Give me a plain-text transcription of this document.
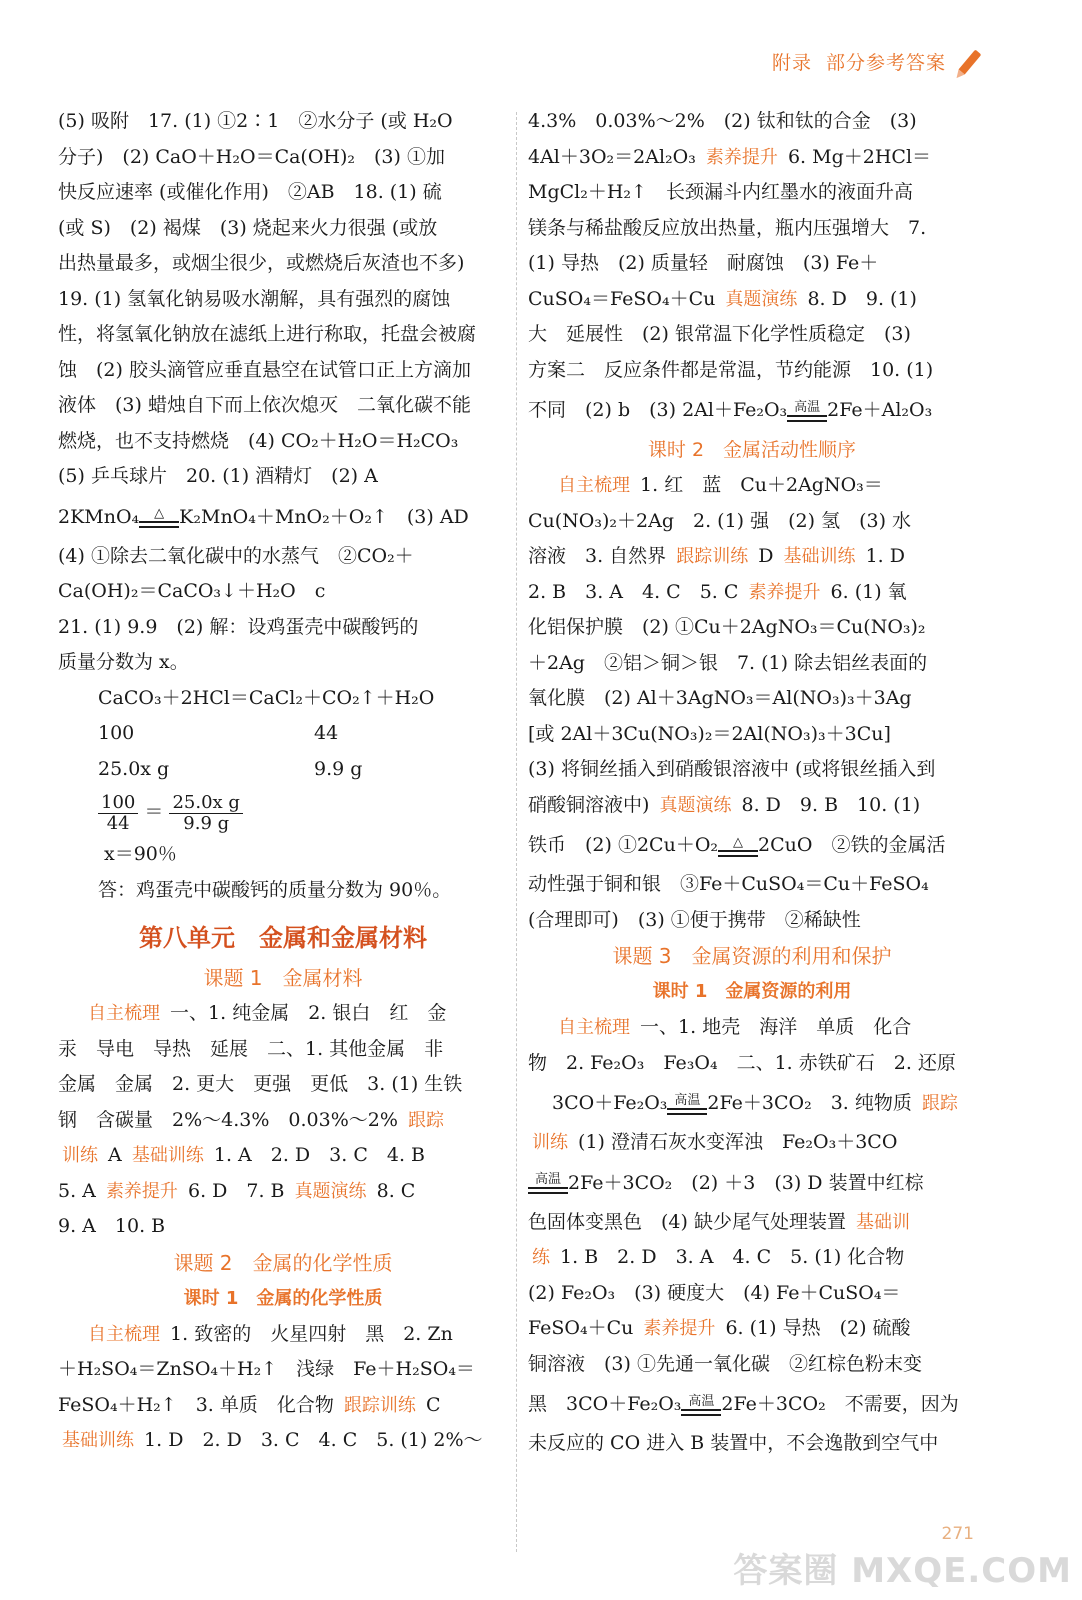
附录 部分参考答案
(5) 吸附　17. (1) ①2∶1　②水分子 (或 H₂O
分子)　(2) CaO＋H₂O＝Ca(OH)₂　(3) ①加
快反应速率 (或催化作用)　②AB　18. (1) 硫
(或 S)　(2) 褐煤　(3) 烧起来火力很强 (或放
出热量最多，或烟尘很少，或燃烧后灰渣也不多)
19. (1) 氢氧化钠易吸水潮解，具有强烈的腐蚀
性，将氢氧化钠放在滤纸上进行称取，托盘会被腐
蚀　(2) 胶头滴管应垂直悬空在试管口正上方滴加
液体　(3) 蜡烛自下而上依次熄灭　二氧化碳不能
燃烧，也不支持燃烧　(4) CO₂＋H₂O＝H₂CO₃
(5) 乒乓球片　20. (1) 酒精灯　(2) A
2KMnO₄	△ K₂MnO₄＋MnO₂＋O₂↑　(3) AD
(4) ①除去二氧化碳中的水蒸气　②CO₂＋
Ca(OH)₂＝CaCO₃↓＋H₂O　c
21. (1) 9.9　(2) 解：设鸡蛋壳中碳酸钙的
质量分数为 x。
CaCO₃＋2HCl＝CaCl₂＋CO₂↑＋H₂O
100	44
25.0x g	9.9 g
$\frac{100}{44} = \frac{\text{25.0x g}}{9.9 g}$
x＝90％
答：鸡蛋壳中碳酸钙的质量分数为 90％。
第八单元　金属和金属材料
课题 1　金属材料
自主梳理 一、1. 纯金属　2. 银白　红　金
汞　导电　导热　延展　二、1. 其他金属　非
金属　金属　2. 更大　更强　更低　3. (1) 生铁
钢　含碳量　2%～4.3%　0.03%～2% 跟踪
训练 A 基础训练 1. A　2. D　3. C　4. B
5. A 素养提升 6. D　7. B 真题演练 8. C
9. A　10. B
课题 2　金属的化学性质
课时 1　金属的化学性质
自主梳理 1. 致密的　火星四射　黑　2. Zn
＋H₂SO₄＝ZnSO₄＋H₂↑　浅绿　Fe＋H₂SO₄＝
FeSO₄＋H₂↑　3. 单质　化合物 跟踪训练 C
基础训练 1. D　2. D　3. C　4. C　5. (1) 2%～
4.3%　0.03%～2%　(2) 钛和钛的合金　(3)
4Al＋3O₂＝2Al₂O₃ 素养提升 6. Mg＋2HCl＝
MgCl₂＋H₂↑　长颈漏斗内红墨水的液面升高
镁条与稀盐酸反应放出热量，瓶内压强增大　7.
(1) 导热　(2) 质量轻　耐腐蚀　(3) Fe＋
CuSO₄＝FeSO₄＋Cu 真题演练 8. D　9. (1)
大　延展性　(2) 银常温下化学性质稳定　(3)
方案二　反应条件都是常温，节约能源　10. (1)
不同　(2) b　(3) 2Al＋Fe₂O₃ 高温 2Fe＋Al₂O₃
课时 2　金属活动性顺序
自主梳理 1. 红　蓝　Cu＋2AgNO₃＝
Cu(NO₃)₂＋2Ag　2. (1) 强　(2) 氢　(3) 水
溶液　3. 自然界 跟踪训练 D 基础训练 1. D
2. B　3. A　4. C　5. C 素养提升 6. (1) 氧
化铝保护膜　(2) ①Cu＋2AgNO₃＝Cu(NO₃)₂
＋2Ag　②铝＞铜＞银　7. (1) 除去铝丝表面的
氧化膜　(2) Al＋3AgNO₃＝Al(NO₃)₃＋3Ag
[或 2Al＋3Cu(NO₃)₂＝2Al(NO₃)₃＋3Cu]
(3) 将铜丝插入到硝酸银溶液中 (或将银丝插入到
硝酸铜溶液中) 真题演练 8. D　9. B　10. (1)
铁币　(2) ①2Cu＋O₂	△ 2CuO　②铁的金属活
动性强于铜和银　③Fe＋CuSO₄＝Cu＋FeSO₄
(合理即可)　(3) ①便于携带　②稀缺性
课题 3　金属资源的利用和保护
课时 1　金属资源的利用
自主梳理 一、1. 地壳　海洋　单质　化合
物　2. Fe₂O₃　Fe₃O₄　二、1. 赤铁矿石　2. 还原
3CO＋Fe₂O₃ 高温 2Fe＋3CO₂　3. 纯物质 跟踪
训练 (1) 澄清石灰水变浑浊　Fe₂O₃＋3CO
高温 2Fe＋3CO₂　(2) ＋3　(3) D 装置中红棕
色固体变黑色　(4) 缺少尾气处理装置 基础训
练 1. B　2. D　3. A　4. C　5. (1) 化合物
(2) Fe₂O₃　(3) 硬度大　(4) Fe＋CuSO₄＝
FeSO₄＋Cu 素养提升 6. (1) 导热　(2) 硫酸
铜溶液　(3) ①先通一氧化碳　②红棕色粉末变
黑　3CO＋Fe₂O₃ 高温 2Fe＋3CO₂　不需要，因为
未反应的 CO 进入 B 装置中，不会逸散到空气中
271
答案圈 MXQE.COM
